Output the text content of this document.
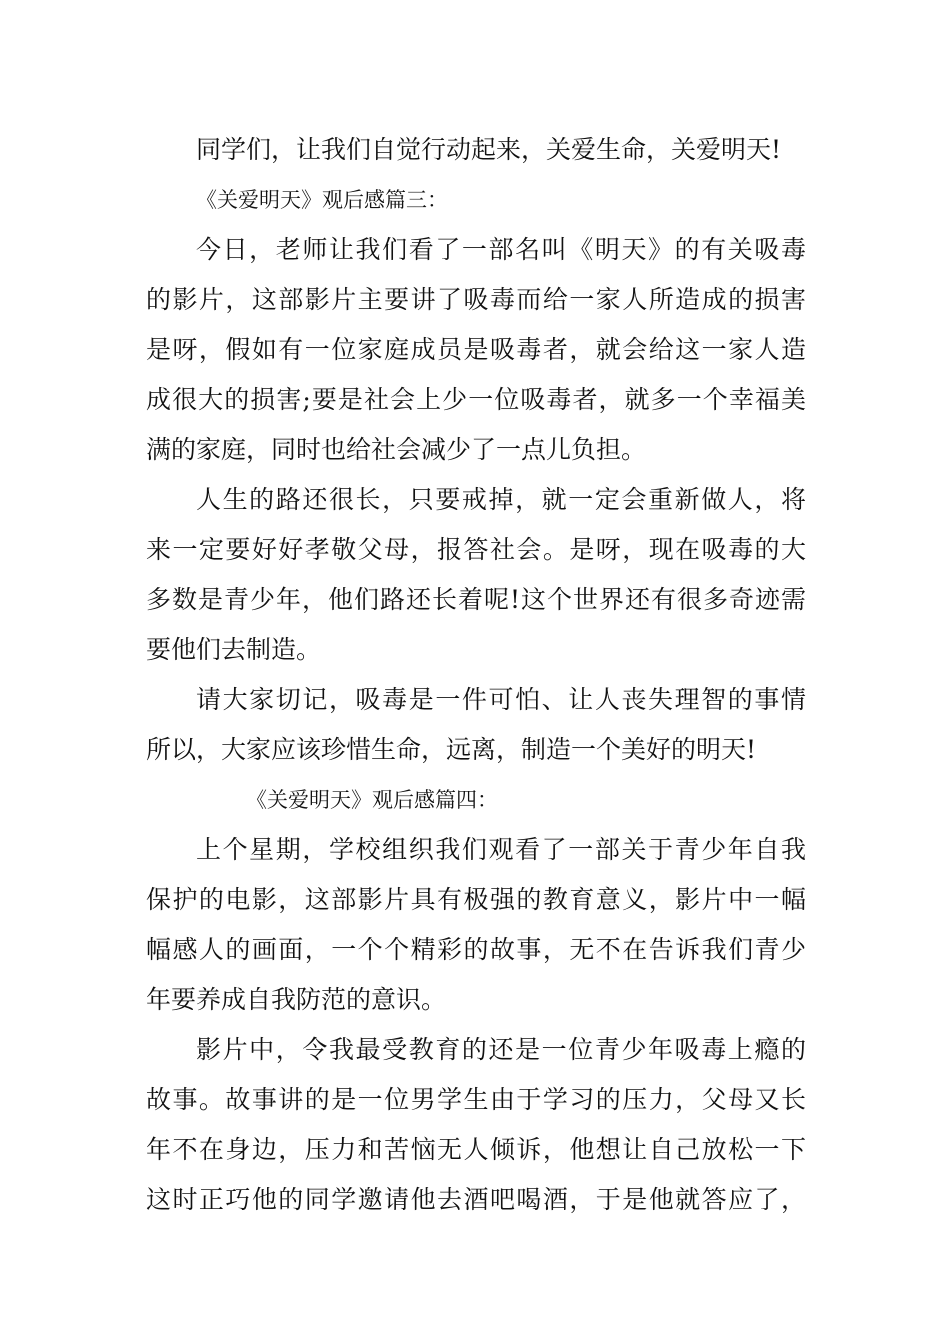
同学们，让我们自觉行动起来，关爱生命，关爱明天!
《关爱明天》观后感篇三：
今日，老师让我们看了一部名叫《明天》的有关吸毒
的影片，这部影片主要讲了吸毒而给一家人所造成的损害
是呀，假如有一位家庭成员是吸毒者，就会给这一家人造
成很大的损害;要是社会上少一位吸毒者，就多一个幸福美
满的家庭，同时也给社会减少了一点儿负担。
人生的路还很长，只要戒掉，就一定会重新做人，将
来一定要好好孝敬父母，报答社会。是呀，现在吸毒的大
多数是青少年，他们路还长着呢!这个世界还有很多奇迹需
要他们去制造。
请大家切记，吸毒是一件可怕、让人丧失理智的事情
所以，大家应该珍惜生命，远离，制造一个美好的明天!
《关爱明天》观后感篇四：
上个星期，学校组织我们观看了一部关于青少年自我
保护的电影，这部影片具有极强的教育意义，影片中一幅
幅感人的画面，一个个精彩的故事，无不在告诉我们青少
年要养成自我防范的意识。
影片中，令我最受教育的还是一位青少年吸毒上瘾的
故事。故事讲的是一位男学生由于学习的压力，父母又长
年不在身边，压力和苦恼无人倾诉，他想让自己放松一下
这时正巧他的同学邀请他去酒吧喝酒，于是他就答应了，
